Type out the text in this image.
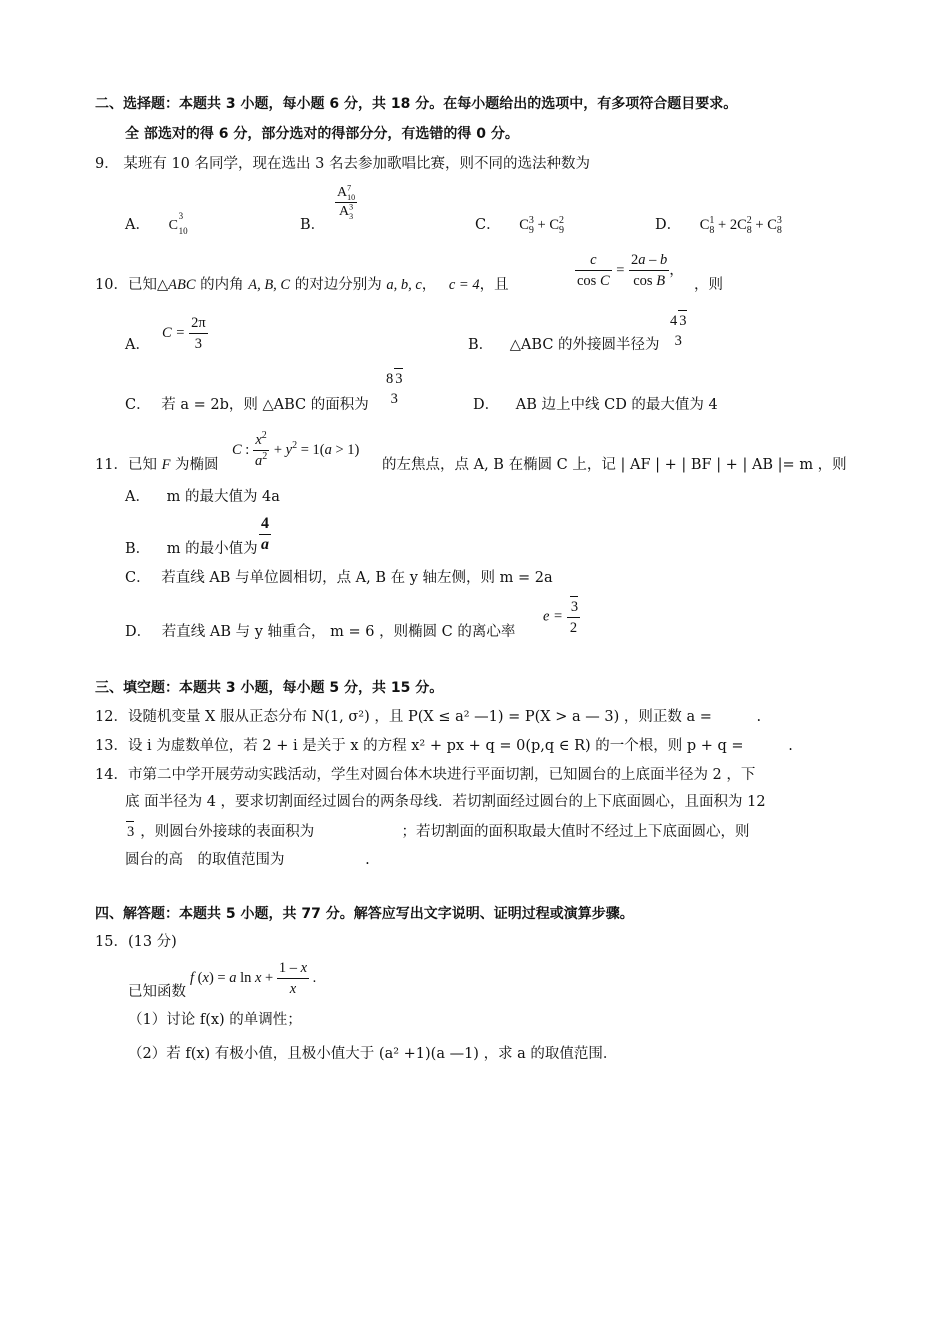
二、选择题：本题共 3 小题，每小题 6 分，共 18 分。在每小题给出的选项中，有多项符合题目要求。
全 部选对的得 6 分，部分选对的得部分分，有选错的得 0 分。
9． 某班有 10 名同学，现在选出 3 名去参加歌唱比赛，则不同的选法种数为
A． C
3
10	B．
$\frac{A^7_{10}}{A^3_3}$
C． $C^3_9 + C^2_9$	D． $C^1_8 + 2C^2_8 + C^3_8$
10．已知△ABC 的内角 A, B, C 的对边分别为 a, b, c， c = 4，且	$\frac{c}{\text{cos C}} = \frac{2a - b}{\text{cos B}}$ ，
，则
A．
$C = \frac{2\pi}{3}$	B． △ABC 的外接圆半径为
4 3
3
C． 若 a = 2b，则 △ABC 的面积为
8 3
3	D． AB 边上中线 CD 的最大值为 4
11．已知 F 为椭圆
C : $\frac{x^2}{a^2} + y^2 = 1(a > 1)$
的左焦点，点 A, B 在椭圆 C 上，记 | AF | + | BF | + | AB |= m ，则
A． m 的最大值为 4a
B． m 的最小值为 $\frac{4}{a}$
C． 若直线 AB 与单位圆相切，点 A, B 在 y 轴左侧，则 m = 2a
D． 若直线 AB 与 y 轴重合， m = 6 ，则椭圆 C 的离心率
$e = \frac{3}{2}$
三、填空题：本题共 3 小题，每小题 5 分，共 15 分。
12．设随机变量 X 服从正态分布 N(1, σ²) ，且 P(X ≤ a² —1) = P(X > a — 3) ，则正数 a =	.
13．设 i 为虚数单位，若 2 + i 是关于 x 的方程 x² + px + q = 0(p,q ∈ R) 的一个根，则 p + q =	.
14．市第二中学开展劳动实践活动，学生对圆台体木块进行平面切割，已知圆台的上底面半径为 2 ，下
底 面半径为 4 ，要求切割面经过圆台的两条母线．若切割面经过圆台的上下底面圆心，且面积为 12
3 ，则圆台外接球的表面积为	；若切割面的面积取最大值时不经过上下底面圆心，则
圆台的高　的取值范围为	.
四、解答题：本题共 5 小题，共 77 分。解答应写出文字说明、证明过程或演算步骤。
15．(13 分)
已知函数
f (x) = a $\ln x + \frac{1 - x}{x}$ .
（1）讨论 f(x) 的单调性；
（2）若 f(x) 有极小值，且极小值大于 (a² +1)(a —1) ，求 a 的取值范围．
